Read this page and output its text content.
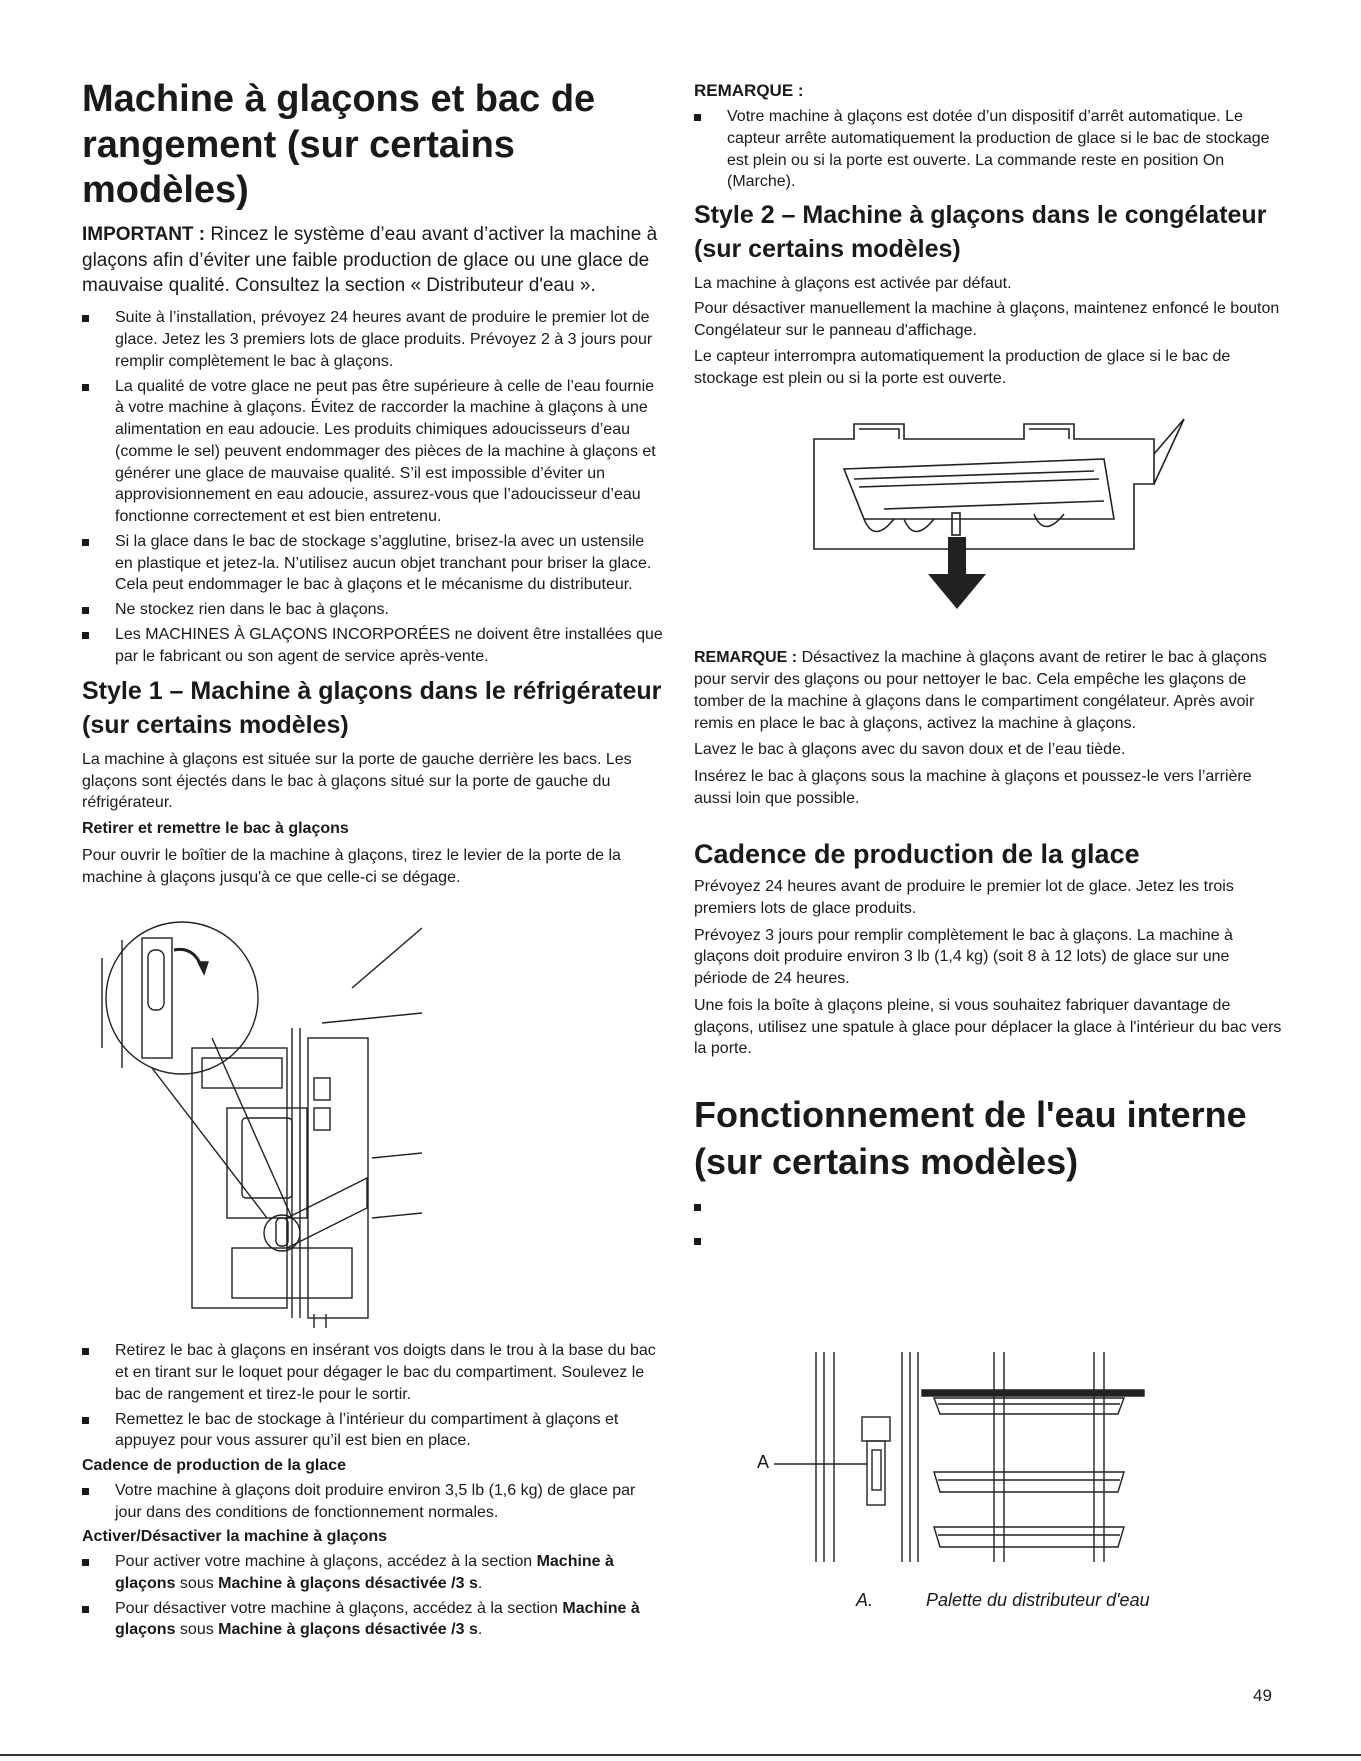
Machine à glaçons et bac de rangement (sur certains modèles)

IMPORTANT : Rincez le système d’eau avant d’activer la machine à glaçons afin d’éviter une faible production de glace ou une glace de mauvaise qualité. Consultez la section « Distributeur d'eau ».

Suite à l’installation, prévoyez 24 heures avant de produire le premier lot de glace. Jetez les 3 premiers lots de glace produits. Prévoyez 2 à 3 jours pour remplir complètement le bac à glaçons.
La qualité de votre glace ne peut pas être supérieure à celle de l’eau fournie à votre machine à glaçons. Évitez de raccorder la machine à glaçons à une alimentation en eau adoucie. Les produits chimiques adoucisseurs d’eau (comme le sel) peuvent endommager des pièces de la machine à glaçons et générer une glace de mauvaise qualité. S’il est impossible d’éviter un approvisionnement en eau adoucie, assurez-vous que l’adoucisseur d’eau fonctionne correctement et est bien entretenu.
Si la glace dans le bac de stockage s’agglutine, brisez-la avec un ustensile en plastique et jetez-la. N’utilisez aucun objet tranchant pour briser la glace. Cela peut endommager le bac à glaçons et le mécanisme du distributeur.
Ne stockez rien dans le bac à glaçons.
Les MACHINES À GLAÇONS INCORPORÉES ne doivent être installées que par le fabricant ou son agent de service après-vente.
Style 1 – Machine à glaçons dans le réfrigérateur (sur certains modèles)

La machine à glaçons est située sur la porte de gauche derrière les bacs. Les glaçons sont éjectés dans le bac à glaçons situé sur la porte de gauche du réfrigérateur.

Retirer et remettre le bac à glaçons

Pour ouvrir le boîtier de la machine à glaçons, tirez le levier de la porte de la machine à glaçons jusqu'à ce que celle-ci se dégage.

Retirez le bac à glaçons en insérant vos doigts dans le trou à la base du bac et en tirant sur le loquet pour dégager le bac du compartiment. Soulevez le bac de rangement et tirez-le pour le sortir.
Remettez le bac de stockage à l’intérieur du compartiment à glaçons et appuyez pour vous assurer qu’il est bien en place.

Cadence de production de la glace

Votre machine à glaçons doit produire environ 3,5 lb (1,6 kg) de glace par jour dans des conditions de fonctionnement normales.

Activer/Désactiver la machine à glaçons

Pour activer votre machine à glaçons, accédez à la section Machine à glaçons sous Machine à glaçons désactivée /3 s.
Pour désactiver votre machine à glaçons, accédez à la section Machine à glaçons sous Machine à glaçons désactivée /3 s.

REMARQUE :

Votre machine à glaçons est dotée d’un dispositif d’arrêt automatique. Le capteur arrête automatiquement la production de glace si le bac de stockage est plein ou si la porte est ouverte. La commande reste en position On (Marche).
Style 2 – Machine à glaçons dans le congélateur (sur certains modèles)

La machine à glaçons est activée par défaut.

Pour désactiver manuellement la machine à glaçons, maintenez enfoncé le bouton Congélateur sur le panneau d'affichage.

Le capteur interrompra automatiquement la production de glace si le bac de stockage est plein ou si la porte est ouverte.

REMARQUE : Désactivez la machine à glaçons avant de retirer le bac à glaçons pour servir des glaçons ou pour nettoyer le bac. Cela empêche les glaçons de tomber de la machine à glaçons dans le compartiment congélateur. Après avoir remis en place le bac à glaçons, activez la machine à glaçons.

Lavez le bac à glaçons avec du savon doux et de l’eau tiède.

Insérez le bac à glaçons sous la machine à glaçons et poussez-le vers l’arrière aussi loin que possible.

Cadence de production de la glace

Prévoyez 24 heures avant de produire le premier lot de glace. Jetez les trois premiers lots de glace produits.

Prévoyez 3 jours pour remplir complètement le bac à glaçons. La machine à glaçons doit produire environ 3 lb (1,4 kg) (soit 8 à 12 lots) de glace sur une période de 24 heures.

Une fois la boîte à glaçons pleine, si vous souhaitez fabriquer davantage de glaçons, utilisez une spatule à glace pour déplacer la glace à l'intérieur du bac vers la porte.

Fonctionnement de l'eau interne (sur certains modèles)
A
A.	Palette du distributeur d'eau
49
